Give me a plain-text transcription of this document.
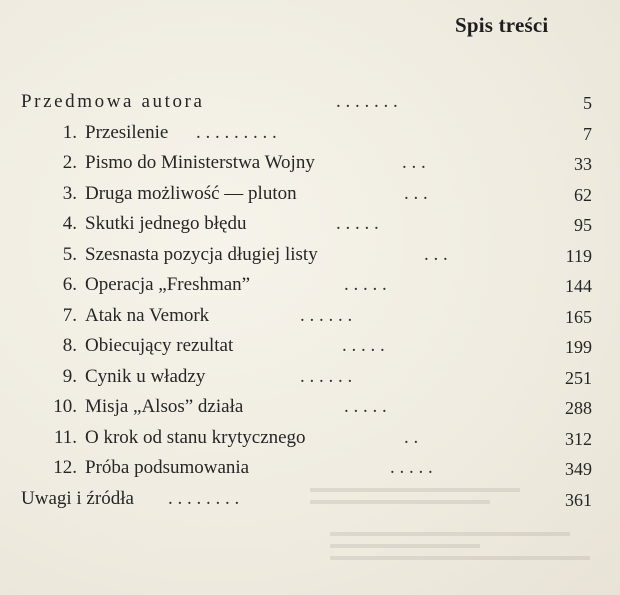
Spis treści
Przedmowa autora	. . . . . . .	5
1. Przesilenie . . . . . . . . .	7
2. Pismo do Ministerstwa Wojny	. . .	33
3. Druga możliwość — pluton	. . .	62
4. Skutki jednego błędu	. . . . .	95
5. Szesnasta pozycja długiej listy	. . .	119
6. Operacja „Freshman”	. . . . .	144
7. Atak na Vemork	. . . . . .	165
8. Obiecujący rezultat	. . . . .	199
9. Cynik u władzy	. . . . . .	251
10. Misja „Alsos” działa	. . . . .	288
11. O krok od stanu krytycznego	. .	312
12. Próba podsumowania	. . . . .	349
Uwagi i źródła . . . . . . . .	361
